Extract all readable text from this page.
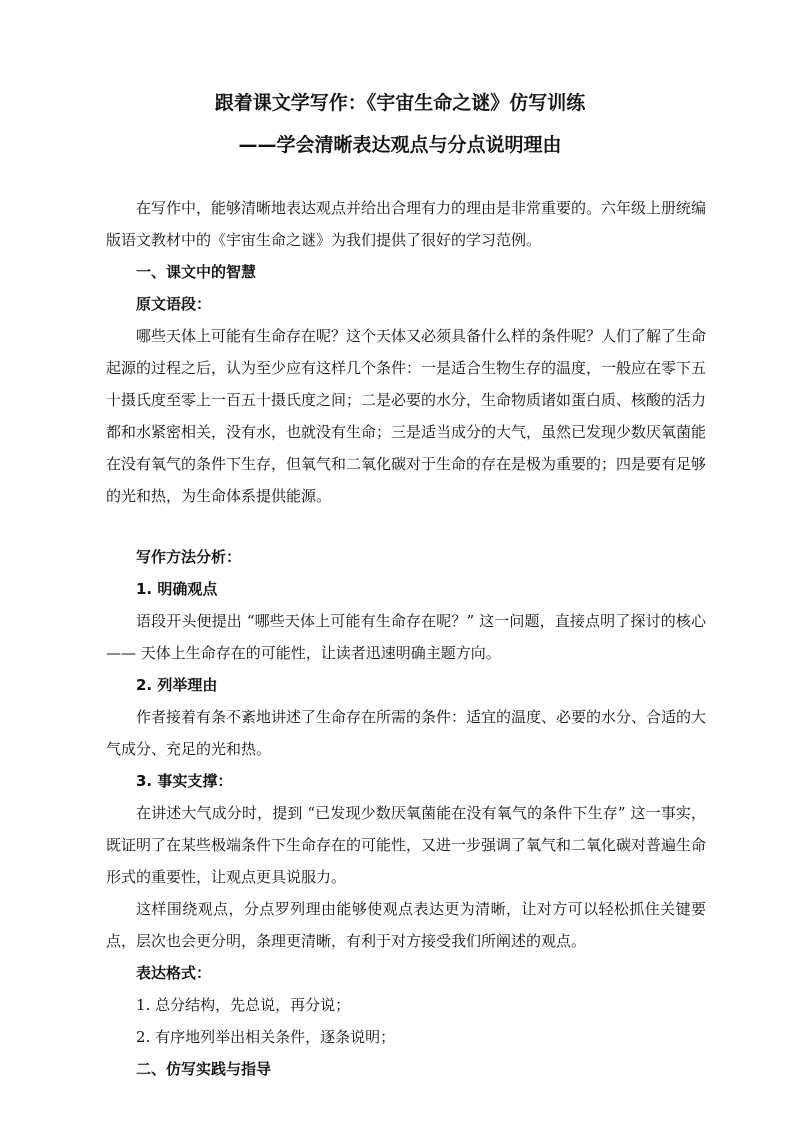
跟着课文学写作：《宇宙生命之谜》仿写训练
——学会清晰表达观点与分点说明理由

在写作中，能够清晰地表达观点并给出合理有力的理由是非常重要的。六年级上册统编版语文教材中的《宇宙生命之谜》为我们提供了很好的学习范例。

一、课文中的智慧

原文语段：

哪些天体上可能有生命存在呢？这个天体又必须具备什么样的条件呢？人们了解了生命起源的过程之后，认为至少应有这样几个条件：一是适合生物生存的温度，一般应在零下五十摄氏度至零上一百五十摄氏度之间；二是必要的水分，生命物质诸如蛋白质、核酸的活力都和水紧密相关，没有水，也就没有生命；三是适当成分的大气，虽然已发现少数厌氧菌能在没有氧气的条件下生存，但氧气和二氧化碳对于生命的存在是极为重要的；四是要有足够的光和热，为生命体系提供能源。

写作方法分析：

1. 明确观点

语段开头便提出 “哪些天体上可能有生命存在呢？” 这一问题，直接点明了探讨的核心 —— 天体上生命存在的可能性，让读者迅速明确主题方向。

2. 列举理由

作者接着有条不紊地讲述了生命存在所需的条件：适宜的温度、必要的水分、合适的大气成分、充足的光和热。

3. 事实支撑：

在讲述大气成分时，提到 “已发现少数厌氧菌能在没有氧气的条件下生存” 这一事实，既证明了在某些极端条件下生命存在的可能性，又进一步强调了氧气和二氧化碳对普遍生命形式的重要性，让观点更具说服力。

这样围绕观点，分点罗列理由能够使观点表达更为清晰，让对方可以轻松抓住关键要点，层次也会更分明，条理更清晰，有利于对方接受我们所阐述的观点。

表达格式：

1. 总分结构，先总说，再分说；

2. 有序地列举出相关条件，逐条说明；

二、仿写实践与指导
